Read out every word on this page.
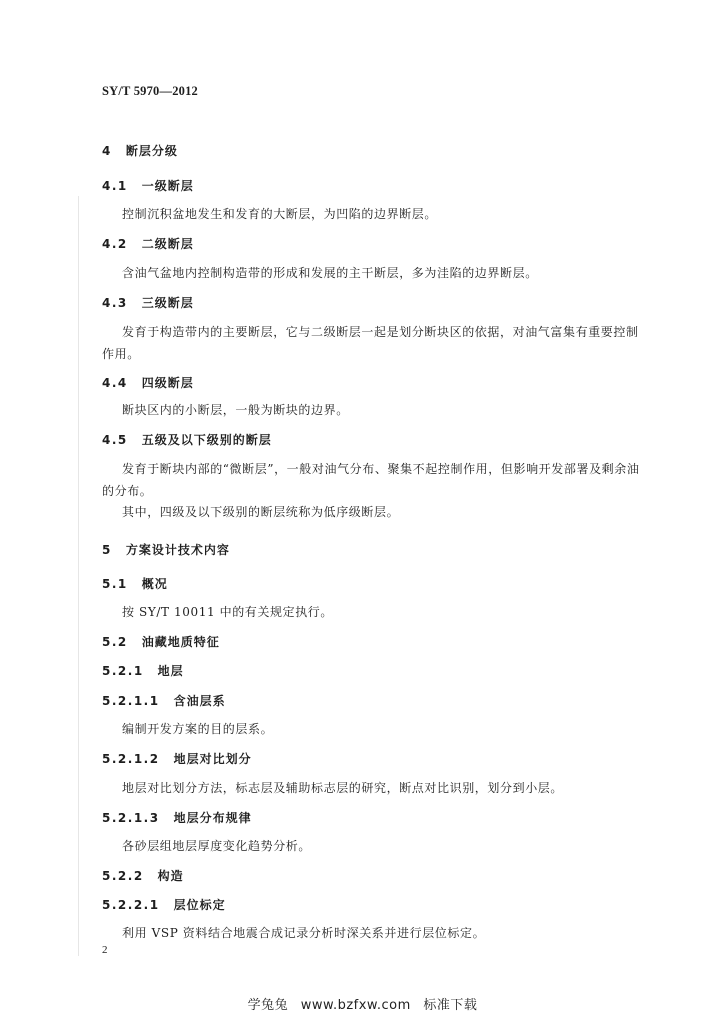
SY/T 5970—2012
4 断层分级
4.1 一级断层
控制沉积盆地发生和发育的大断层，为凹陷的边界断层。
4.2 二级断层
含油气盆地内控制构造带的形成和发展的主干断层，多为洼陷的边界断层。
4.3 三级断层
发育于构造带内的主要断层，它与二级断层一起是划分断块区的依据，对油气富集有重要控制
作用。
4.4 四级断层
断块区内的小断层，一般为断块的边界。
4.5 五级及以下级别的断层
发育于断块内部的“微断层”，一般对油气分布、聚集不起控制作用，但影响开发部署及剩余油
的分布。
其中，四级及以下级别的断层统称为低序级断层。
5 方案设计技术内容
5.1 概况
按 SY/T 10011 中的有关规定执行。
5.2 油藏地质特征
5.2.1 地层
5.2.1.1 含油层系
编制开发方案的目的层系。
5.2.1.2 地层对比划分
地层对比划分方法，标志层及辅助标志层的研究，断点对比识别，划分到小层。
5.2.1.3 地层分布规律
各砂层组地层厚度变化趋势分析。
5.2.2 构造
5.2.2.1 层位标定
利用 VSP 资料结合地震合成记录分析时深关系并进行层位标定。
2
学兔兔 www.bzfxw.com 标准下载
